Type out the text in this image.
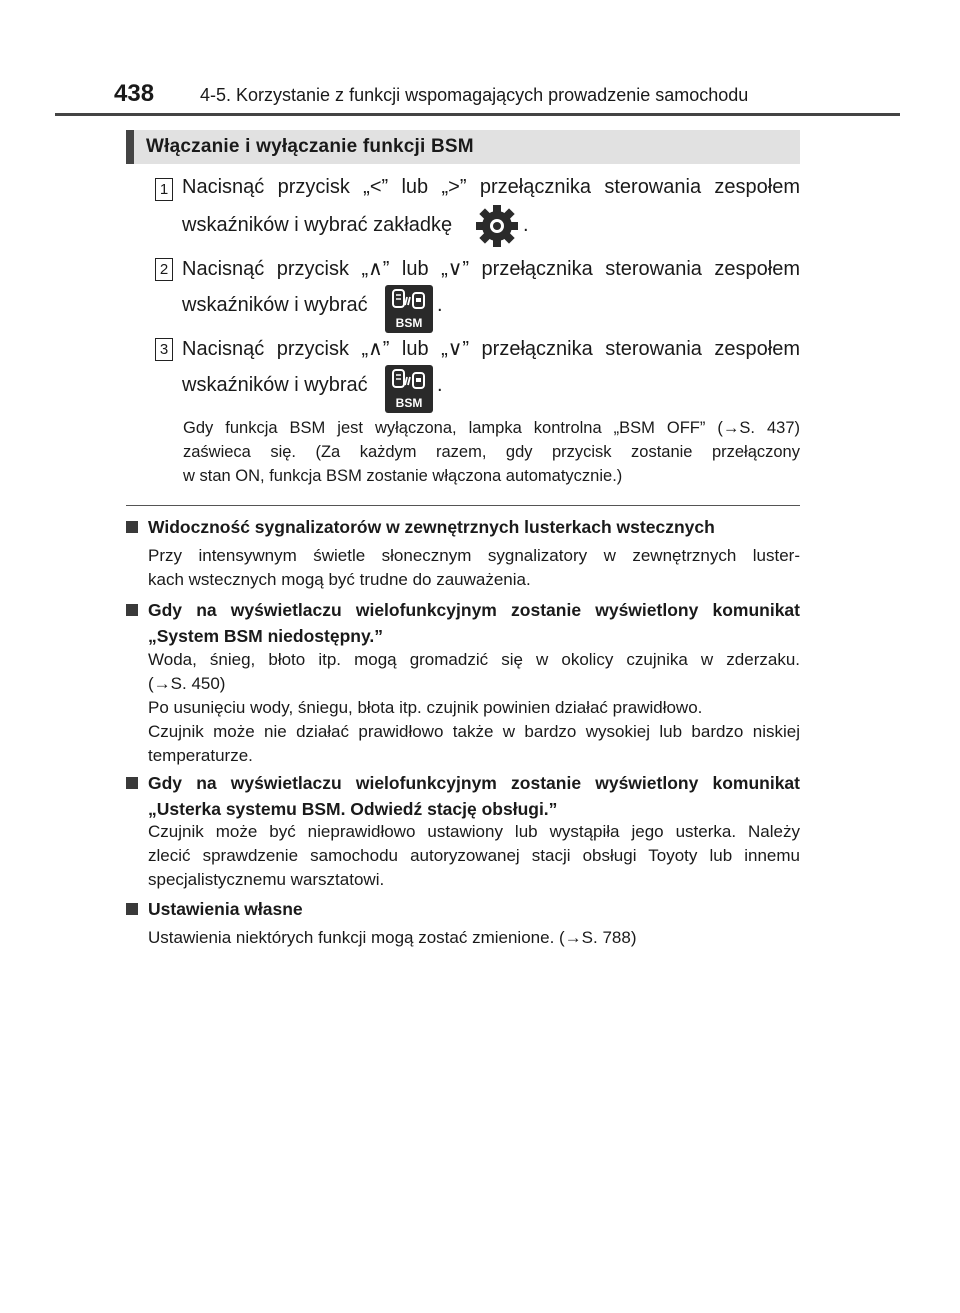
438	4-5. Korzystanie z funkcji wspomagających prowadzenie samochodu
Włączanie i wyłączanie funkcji BSM
1 Nacisnąć przycisk „<” lub „>” przełącznika sterowania zespołem
wskaźników i wybrać zakładkę	.
2 Nacisnąć przycisk „∧” lub „∨” przełącznika sterowania zespołem
wskaźników i wybrać
BSM
.
3 Nacisnąć przycisk „∧” lub „∨” przełącznika sterowania zespołem
wskaźników i wybrać
BSM
.
Gdy funkcja BSM jest wyłączona, lampka kontrolna „BSM OFF” (→S. 437)
zaświeca się. (Za każdym razem, gdy przycisk zostanie przełączony
w stan ON, funkcja BSM zostanie włączona automatycznie.)
Widoczność sygnalizatorów w zewnętrznych lusterkach wstecznych
Przy intensywnym świetle słonecznym sygnalizatory w zewnętrznych luster-
kach wstecznych mogą być trudne do zauważenia.
Gdy na wyświetlaczu wielofunkcyjnym zostanie wyświetlony komunikat
„System BSM niedostępny.”
Woda, śnieg, błoto itp. mogą gromadzić się w okolicy czujnika w zderzaku.
(→S. 450)
Po usunięciu wody, śniegu, błota itp. czujnik powinien działać prawidłowo.
Czujnik może nie działać prawidłowo także w bardzo wysokiej lub bardzo niskiej
temperaturze.
Gdy na wyświetlaczu wielofunkcyjnym zostanie wyświetlony komunikat
„Usterka systemu BSM. Odwiedź stację obsługi.”
Czujnik może być nieprawidłowo ustawiony lub wystąpiła jego usterka. Należy
zlecić sprawdzenie samochodu autoryzowanej stacji obsługi Toyoty lub innemu
specjalistycznemu warsztatowi.
Ustawienia własne
Ustawienia niektórych funkcji mogą zostać zmienione. (→S. 788)
